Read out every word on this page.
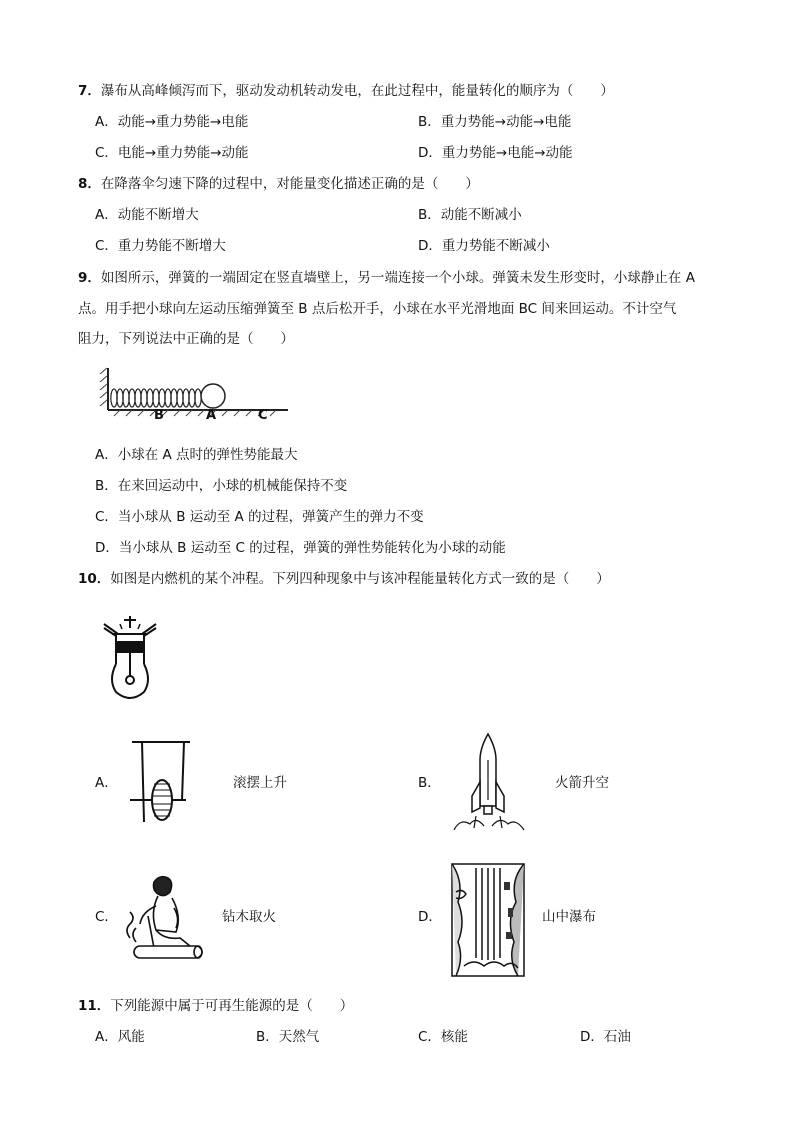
7．瀑布从高峰倾泻而下，驱动发动机转动发电，在此过程中，能量转化的顺序为（　　）
A．动能→重力势能→电能	B．重力势能→动能→电能
C．电能→重力势能→动能	D．重力势能→电能→动能
8．在降落伞匀速下降的过程中，对能量变化描述正确的是（　　）
A．动能不断增大	B．动能不断减小
C．重力势能不断增大	D．重力势能不断减小
9．如图所示，弹簧的一端固定在竖直墙壁上，另一端连接一个小球。弹簧未发生形变时，小球静止在 A
点。用手把小球向左运动压缩弹簧至 B 点后松开手，小球在水平光滑地面 BC 间来回运动。不计空气
阻力，下列说法中正确的是（　　）
B	A	C
A．小球在 A 点时的弹性势能最大
B．在来回运动中，小球的机械能保持不变
C．当小球从 B 运动至 A 的过程，弹簧产生的弹力不变
D．当小球从 B 运动至 C 的过程，弹簧的弹性势能转化为小球的动能
10．如图是内燃机的某个冲程。下列四种现象中与该冲程能量转化方式一致的是（　　）
A．	滚摆上升	B．	火箭升空
C．	钻木取火	D．	山中瀑布
11．下列能源中属于可再生能源的是（　　）
A．风能	B．天然气	C．核能	D．石油
